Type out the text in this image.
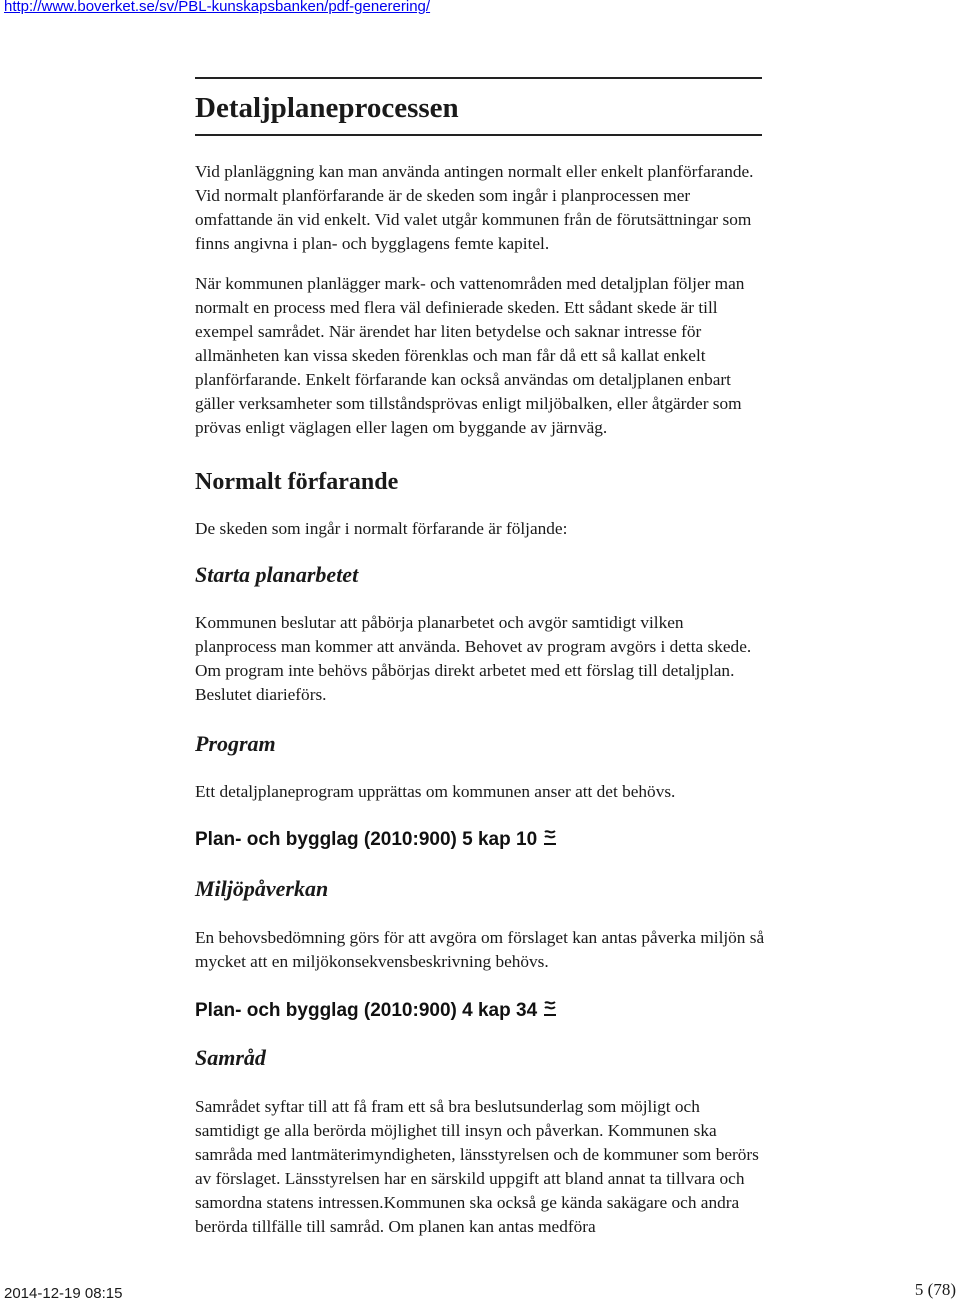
http://www.boverket.se/sv/PBL-kunskapsbanken/pdf-generering/
Detaljplaneprocessen

Vid planläggning kan man använda antingen normalt eller enkelt planförfarande. Vid normalt planförfarande är de skeden som ingår i planprocessen mer omfattande än vid enkelt. Vid valet utgår kommunen från de förutsättningar som finns angivna i plan- och bygglagens femte kapitel.

När kommunen planlägger mark- och vattenområden med detaljplan följer man normalt en process med flera väl definierade skeden. Ett sådant skede är till exempel samrådet. När ärendet har liten betydelse och saknar intresse för allmänheten kan vissa skeden förenklas och man får då ett så kallat enkelt planförfarande. Enkelt förfarande kan också användas om detaljplanen enbart gäller verksamheter som tillståndsprövas enligt miljöbalken, eller åtgärder som prövas enligt väglagen eller lagen om byggande av järnväg.

Normalt förfarande

De skeden som ingår i normalt förfarande är följande:

Starta planarbetet

Kommunen beslutar att påbörja planarbetet och avgör samtidigt vilken planprocess man kommer att använda. Behovet av program avgörs i detta skede. Om program inte behövs påbörjas direkt arbetet med ett förslag till detaljplan. Beslutet diarieförs.

Program

Ett detaljplaneprogram upprättas om kommunen anser att det behövs.

Plan- och bygglag (2010:900) 5 kap 10
Miljöpåverkan

En behovsbedömning görs för att avgöra om förslaget kan antas påverka miljön så mycket att en miljökonsekvensbeskrivning behövs.

Plan- och bygglag (2010:900) 4 kap 34
Samråd

Samrådet syftar till att få fram ett så bra beslutsunderlag som möjligt och samtidigt ge alla berörda möjlighet till insyn och påverkan. Kommunen ska samråda med lantmäterimyndigheten, länsstyrelsen och de kommuner som berörs av förslaget. Länsstyrelsen har en särskild uppgift att bland annat ta tillvara och samordna statens intressen.Kommunen ska också ge kända sakägare och andra berörda tillfälle till samråd. Om planen kan antas medföra

2014-12-19 08:15	5 (78)
